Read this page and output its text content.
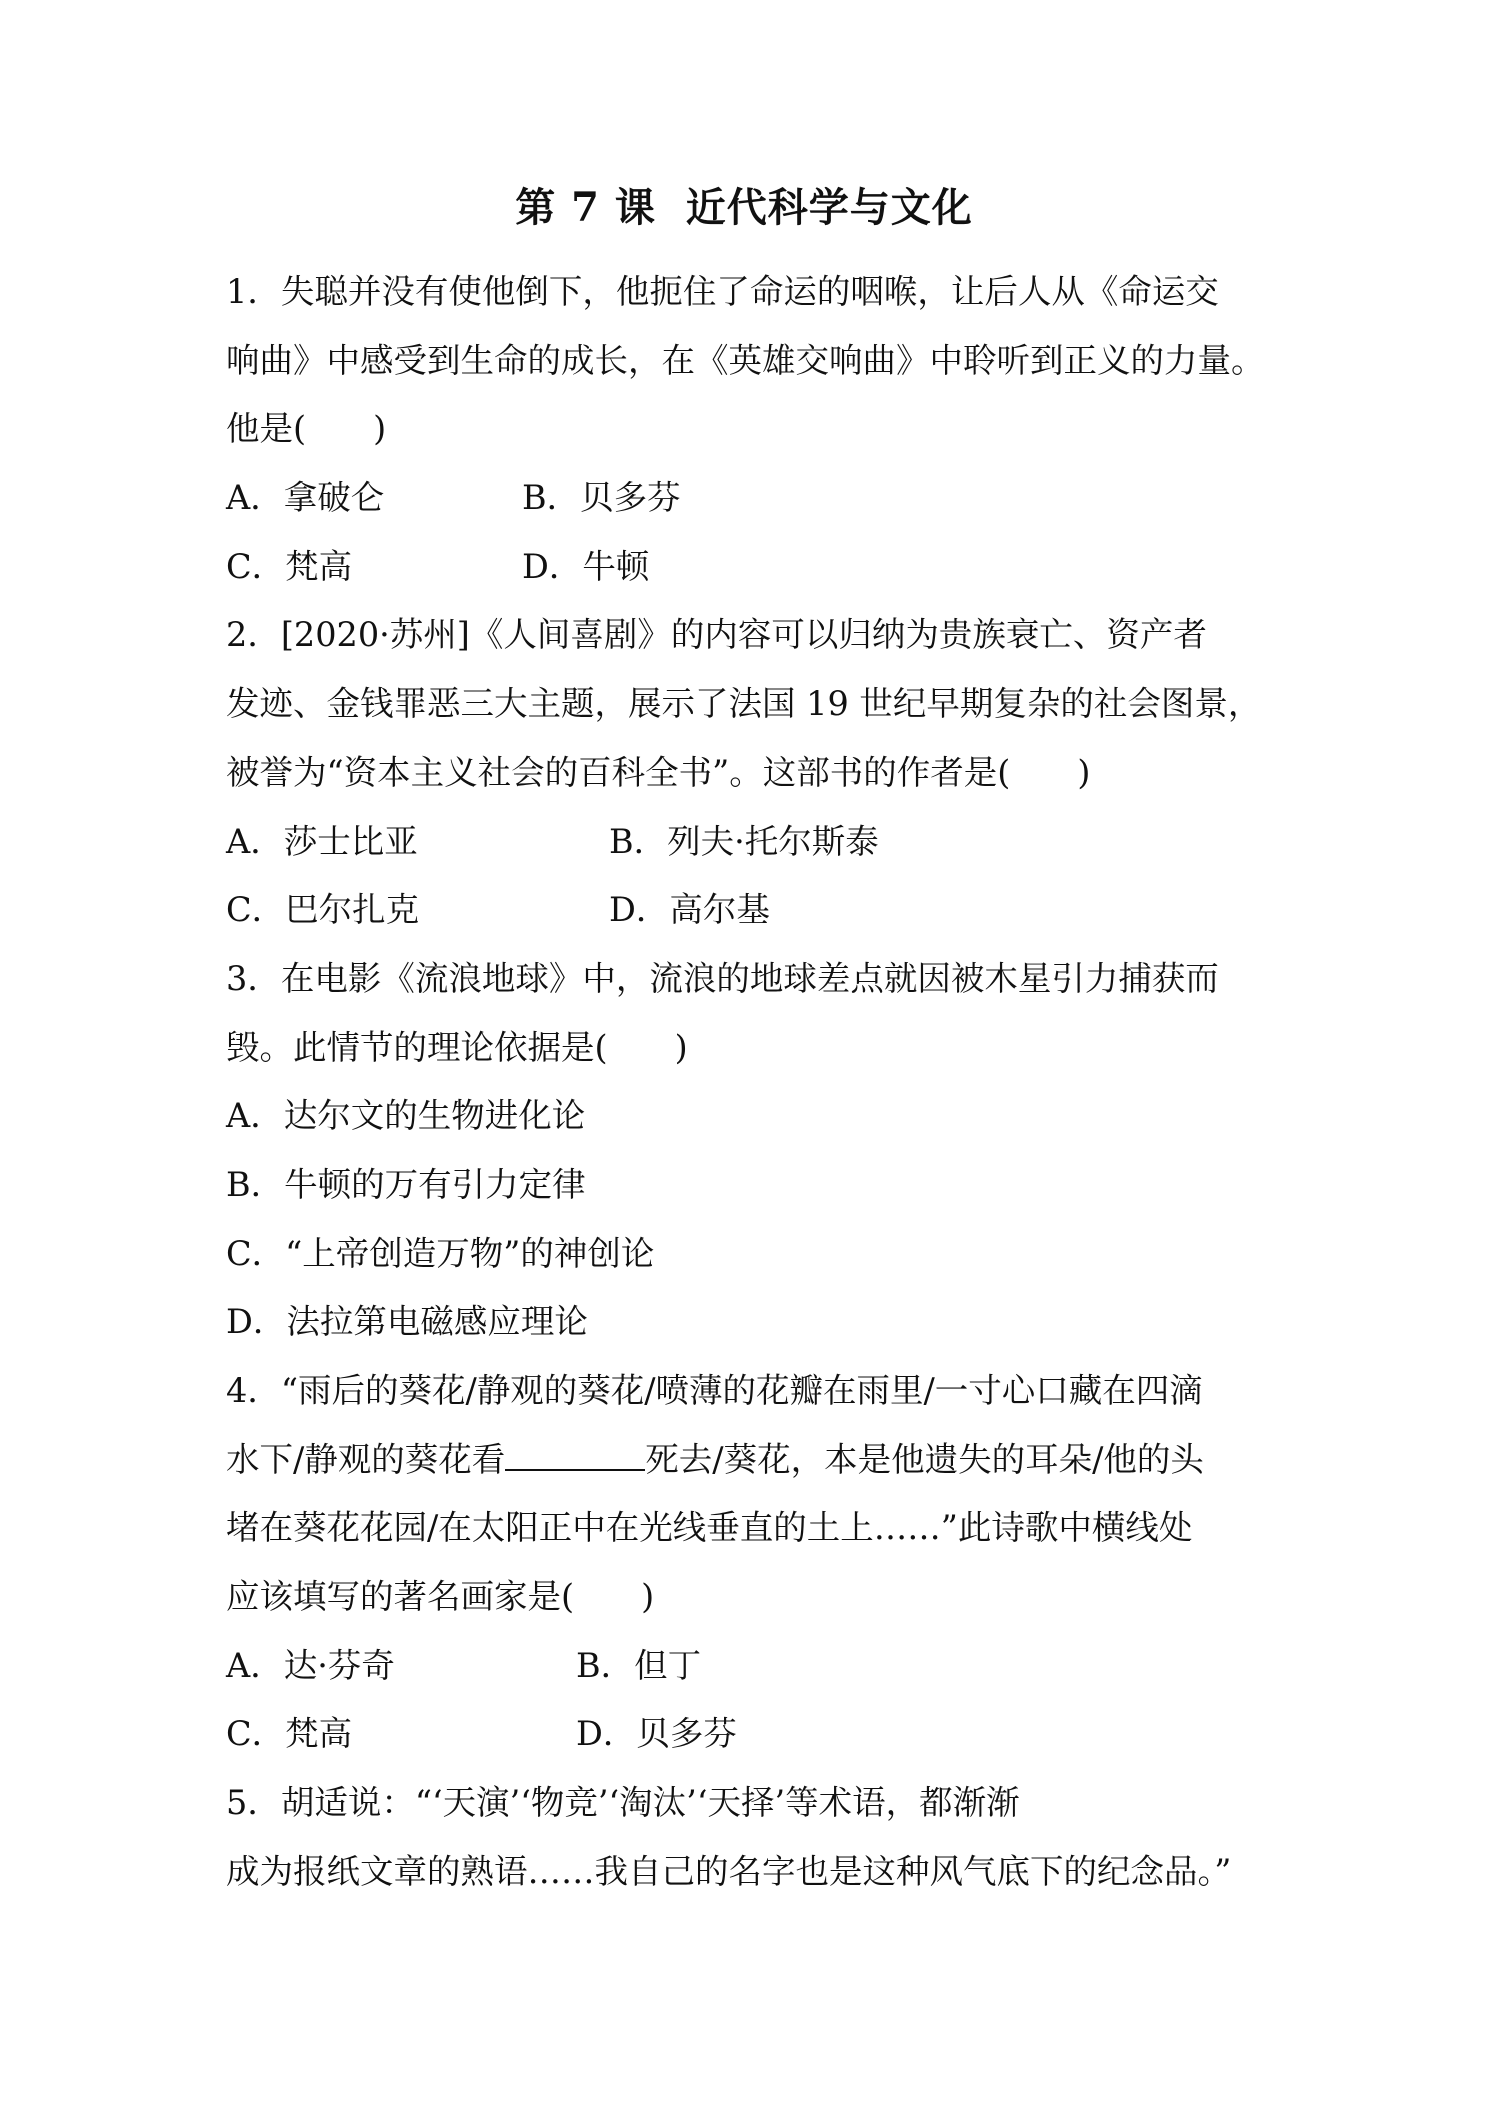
第 7 课  近代科学与文化
1．失聪并没有使他倒下，他扼住了命运的咽喉，让后人从《命运交
响曲》中感受到生命的成长，在《英雄交响曲》中聆听到正义的力量。
他是(　　)

A．拿破仑

	B．贝多芬

C．梵高

	D．牛顿

2．[2020·苏州]《人间喜剧》的内容可以归纳为贵族衰亡、资产者
发迹、金钱罪恶三大主题，展示了法国 19 世纪早期复杂的社会图景，
被誉为“资本主义社会的百科全书”。这部书的作者是(　　)

A．莎士比亚

	B．列夫·托尔斯泰

C．巴尔扎克

	D．高尔基

3．在电影《流浪地球》中，流浪的地球差点就因被木星引力捕获而
毁。此情节的理论依据是(　　)
A．达尔文的生物进化论
B．牛顿的万有引力定律
C．“上帝创造万物”的神创论
D．法拉第电磁感应理论
4．“雨后的葵花/静观的葵花/喷薄的花瓣在雨里/一寸心口藏在四滴
水下/静观的葵花看	死去/葵花，本是他遗失的耳朵/他的头
堵在葵花花园/在太阳正中在光线垂直的土上……”此诗歌中横线处
应该填写的著名画家是(　　)

A．达·芬奇

	B．但丁

C．梵高

	D．贝多芬

5．胡适说：“‘天演’‘物竞’‘淘汰’‘天择’等术语，都渐渐
成为报纸文章的熟语……我自己的名字也是这种风气底下的纪念品。”
